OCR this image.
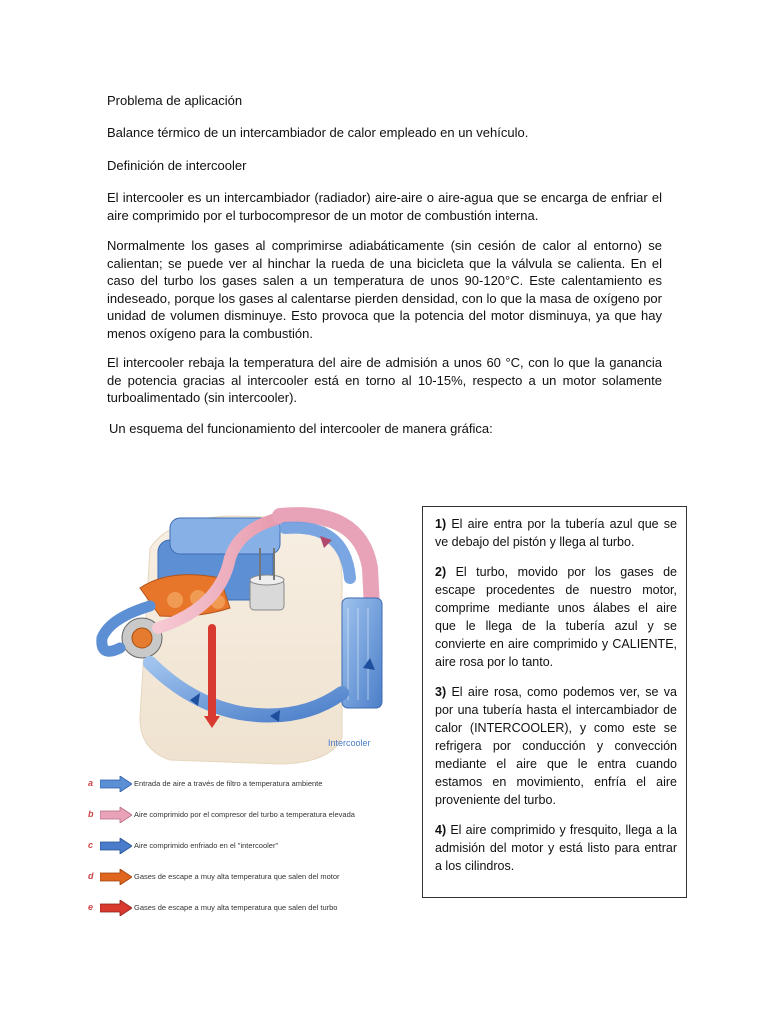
Problema de aplicación
Balance térmico de un intercambiador de calor empleado en un vehículo.
Definición de intercooler
El intercooler es un intercambiador (radiador) aire-aire o aire-agua que se encarga de enfriar el aire comprimido por el turbocompresor de un motor de combustión interna.
Normalmente los gases al comprimirse adiabáticamente (sin cesión de calor al entorno) se calientan; se puede ver al hinchar la rueda de una bicicleta que la válvula se calienta. En el caso del turbo los gases salen a un temperatura de unos 90-120°C. Este calentamiento es indeseado, porque los gases al calentarse pierden densidad, con lo que la masa de oxígeno por unidad de volumen disminuye. Esto provoca que la potencia del motor disminuya, ya que hay menos oxígeno para la combustión.
El intercooler rebaja la temperatura del aire de admisión a unos 60 °C, con lo que la ganancia de potencia gracias al intercooler está en torno al 10-15%, respecto a un motor solamente turboalimentado (sin intercooler).
Un esquema del funcionamiento del intercooler de manera gráfica:
Intercooler
a	Entrada de aire a través de filtro a temperatura ambiente
b	Aire comprimido por el compresor del turbo a temperatura elevada
c	Aire comprimido enfriado en el "intercooler"
d	Gases de escape a muy alta temperatura que salen del motor
e	Gases de escape a muy alta temperatura que salen del turbo

1) El aire entra por la tubería azul que se ve debajo del pistón y llega al turbo.

2) El turbo, movido por los gases de escape procedentes de nuestro motor, comprime mediante unos álabes el aire que le llega de la tubería azul y se convierte en aire comprimido y CALIENTE, aire rosa por lo tanto.

3) El aire rosa, como podemos ver, se va por una tubería hasta el intercambiador de calor (INTERCOOLER), y como este se refrigera por conducción y convección mediante el aire que le entra cuando estamos en movimiento, enfría el aire proveniente del turbo.

4) El aire comprimido y fresquito, llega a la admisión del motor y está listo para entrar a los cilindros.
